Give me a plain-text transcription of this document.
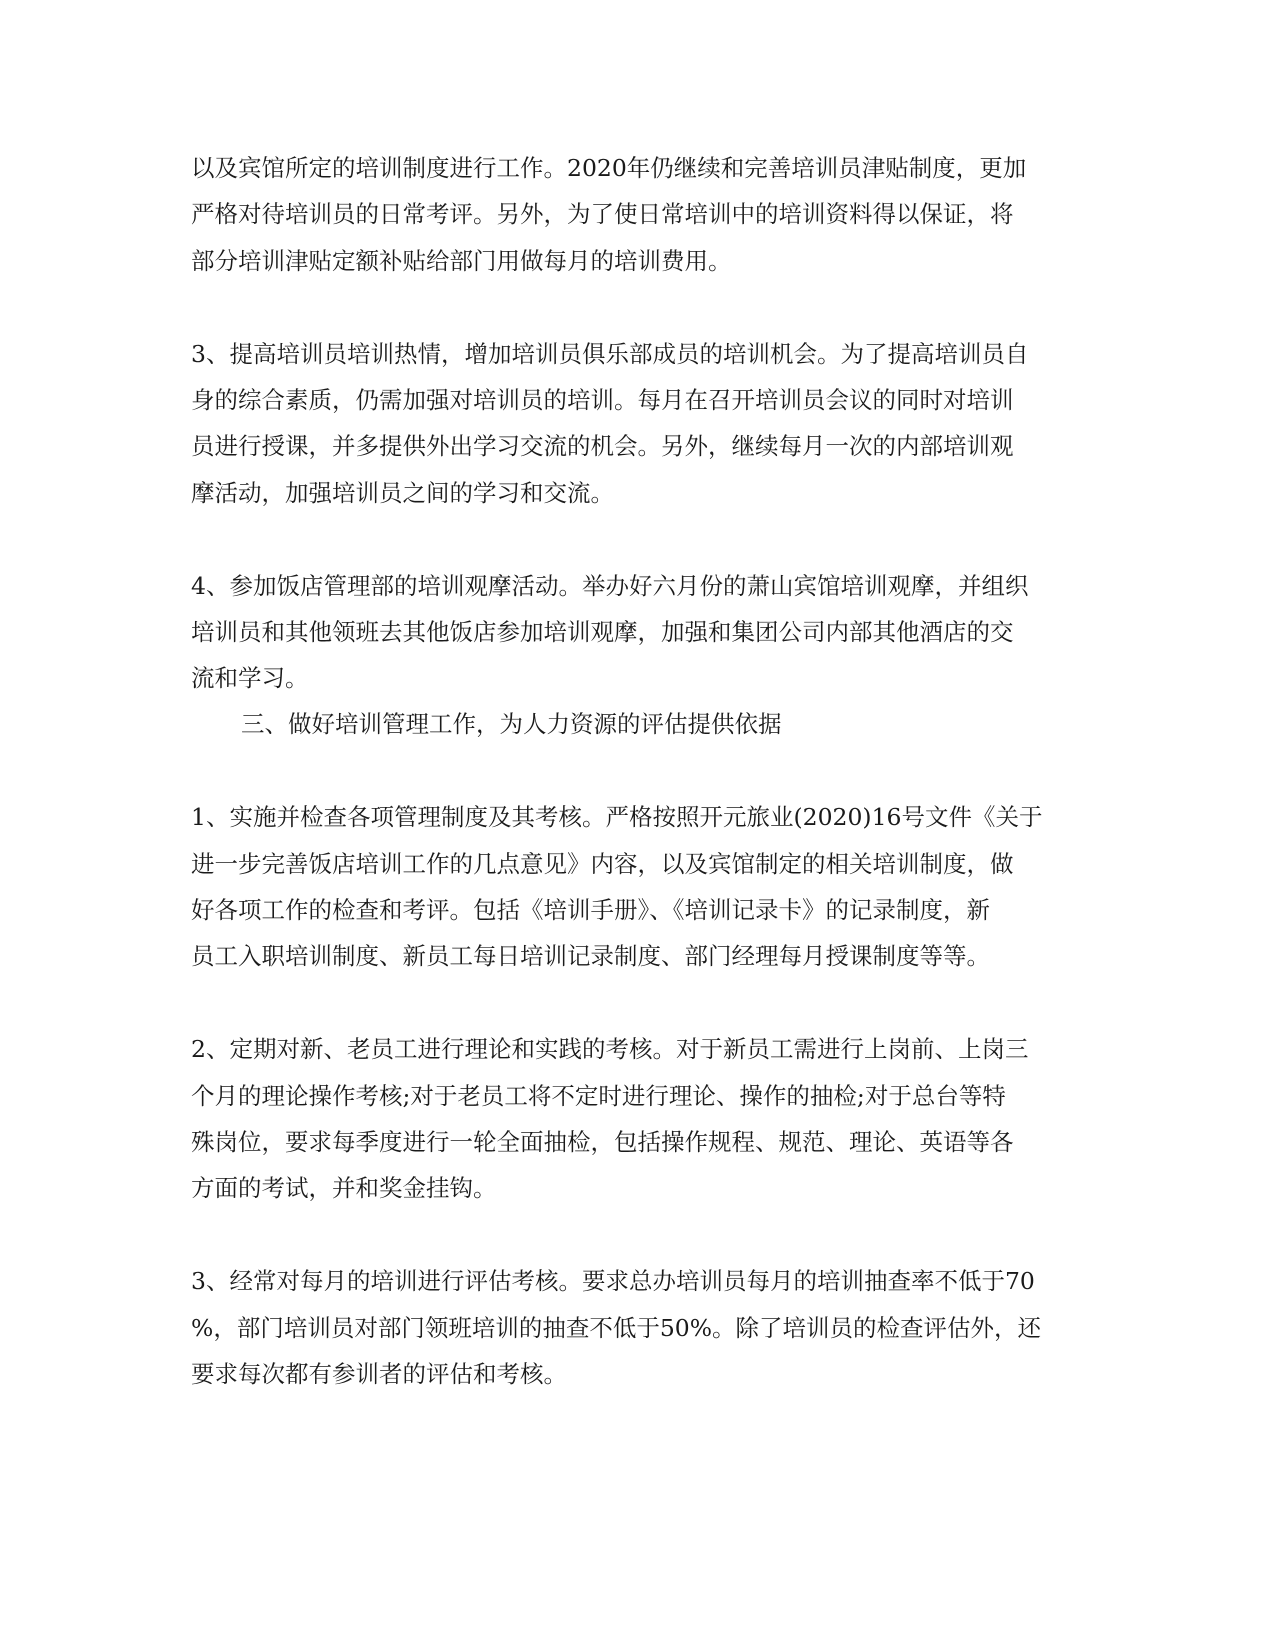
以及宾馆所定的培训制度进行工作。2020年仍继续和完善培训员津贴制度，更加

严格对待培训员的日常考评。另外，为了使日常培训中的培训资料得以保证，将

部分培训津贴定额补贴给部门用做每月的培训费用。

3、提高培训员培训热情，增加培训员俱乐部成员的培训机会。为了提高培训员自

身的综合素质，仍需加强对培训员的培训。每月在召开培训员会议的同时对培训

员进行授课，并多提供外出学习交流的机会。另外，继续每月一次的内部培训观

摩活动，加强培训员之间的学习和交流。

4、参加饭店管理部的培训观摩活动。举办好六月份的萧山宾馆培训观摩，并组织

培训员和其他领班去其他饭店参加培训观摩，加强和集团公司内部其他酒店的交

流和学习。

三、做好培训管理工作，为人力资源的评估提供依据

1、实施并检查各项管理制度及其考核。严格按照开元旅业(2020)16号文件《关于

进一步完善饭店培训工作的几点意见》内容，以及宾馆制定的相关培训制度，做

好各项工作的检查和考评。包括《培训手册》、《培训记录卡》的记录制度，新

员工入职培训制度、新员工每日培训记录制度、部门经理每月授课制度等等。

2、定期对新、老员工进行理论和实践的考核。对于新员工需进行上岗前、上岗三

个月的理论操作考核;对于老员工将不定时进行理论、操作的抽检;对于总台等特

殊岗位，要求每季度进行一轮全面抽检，包括操作规程、规范、理论、英语等各

方面的考试，并和奖金挂钩。

3、经常对每月的培训进行评估考核。要求总办培训员每月的培训抽查率不低于70

%，部门培训员对部门领班培训的抽查不低于50%。除了培训员的检查评估外，还

要求每次都有参训者的评估和考核。
